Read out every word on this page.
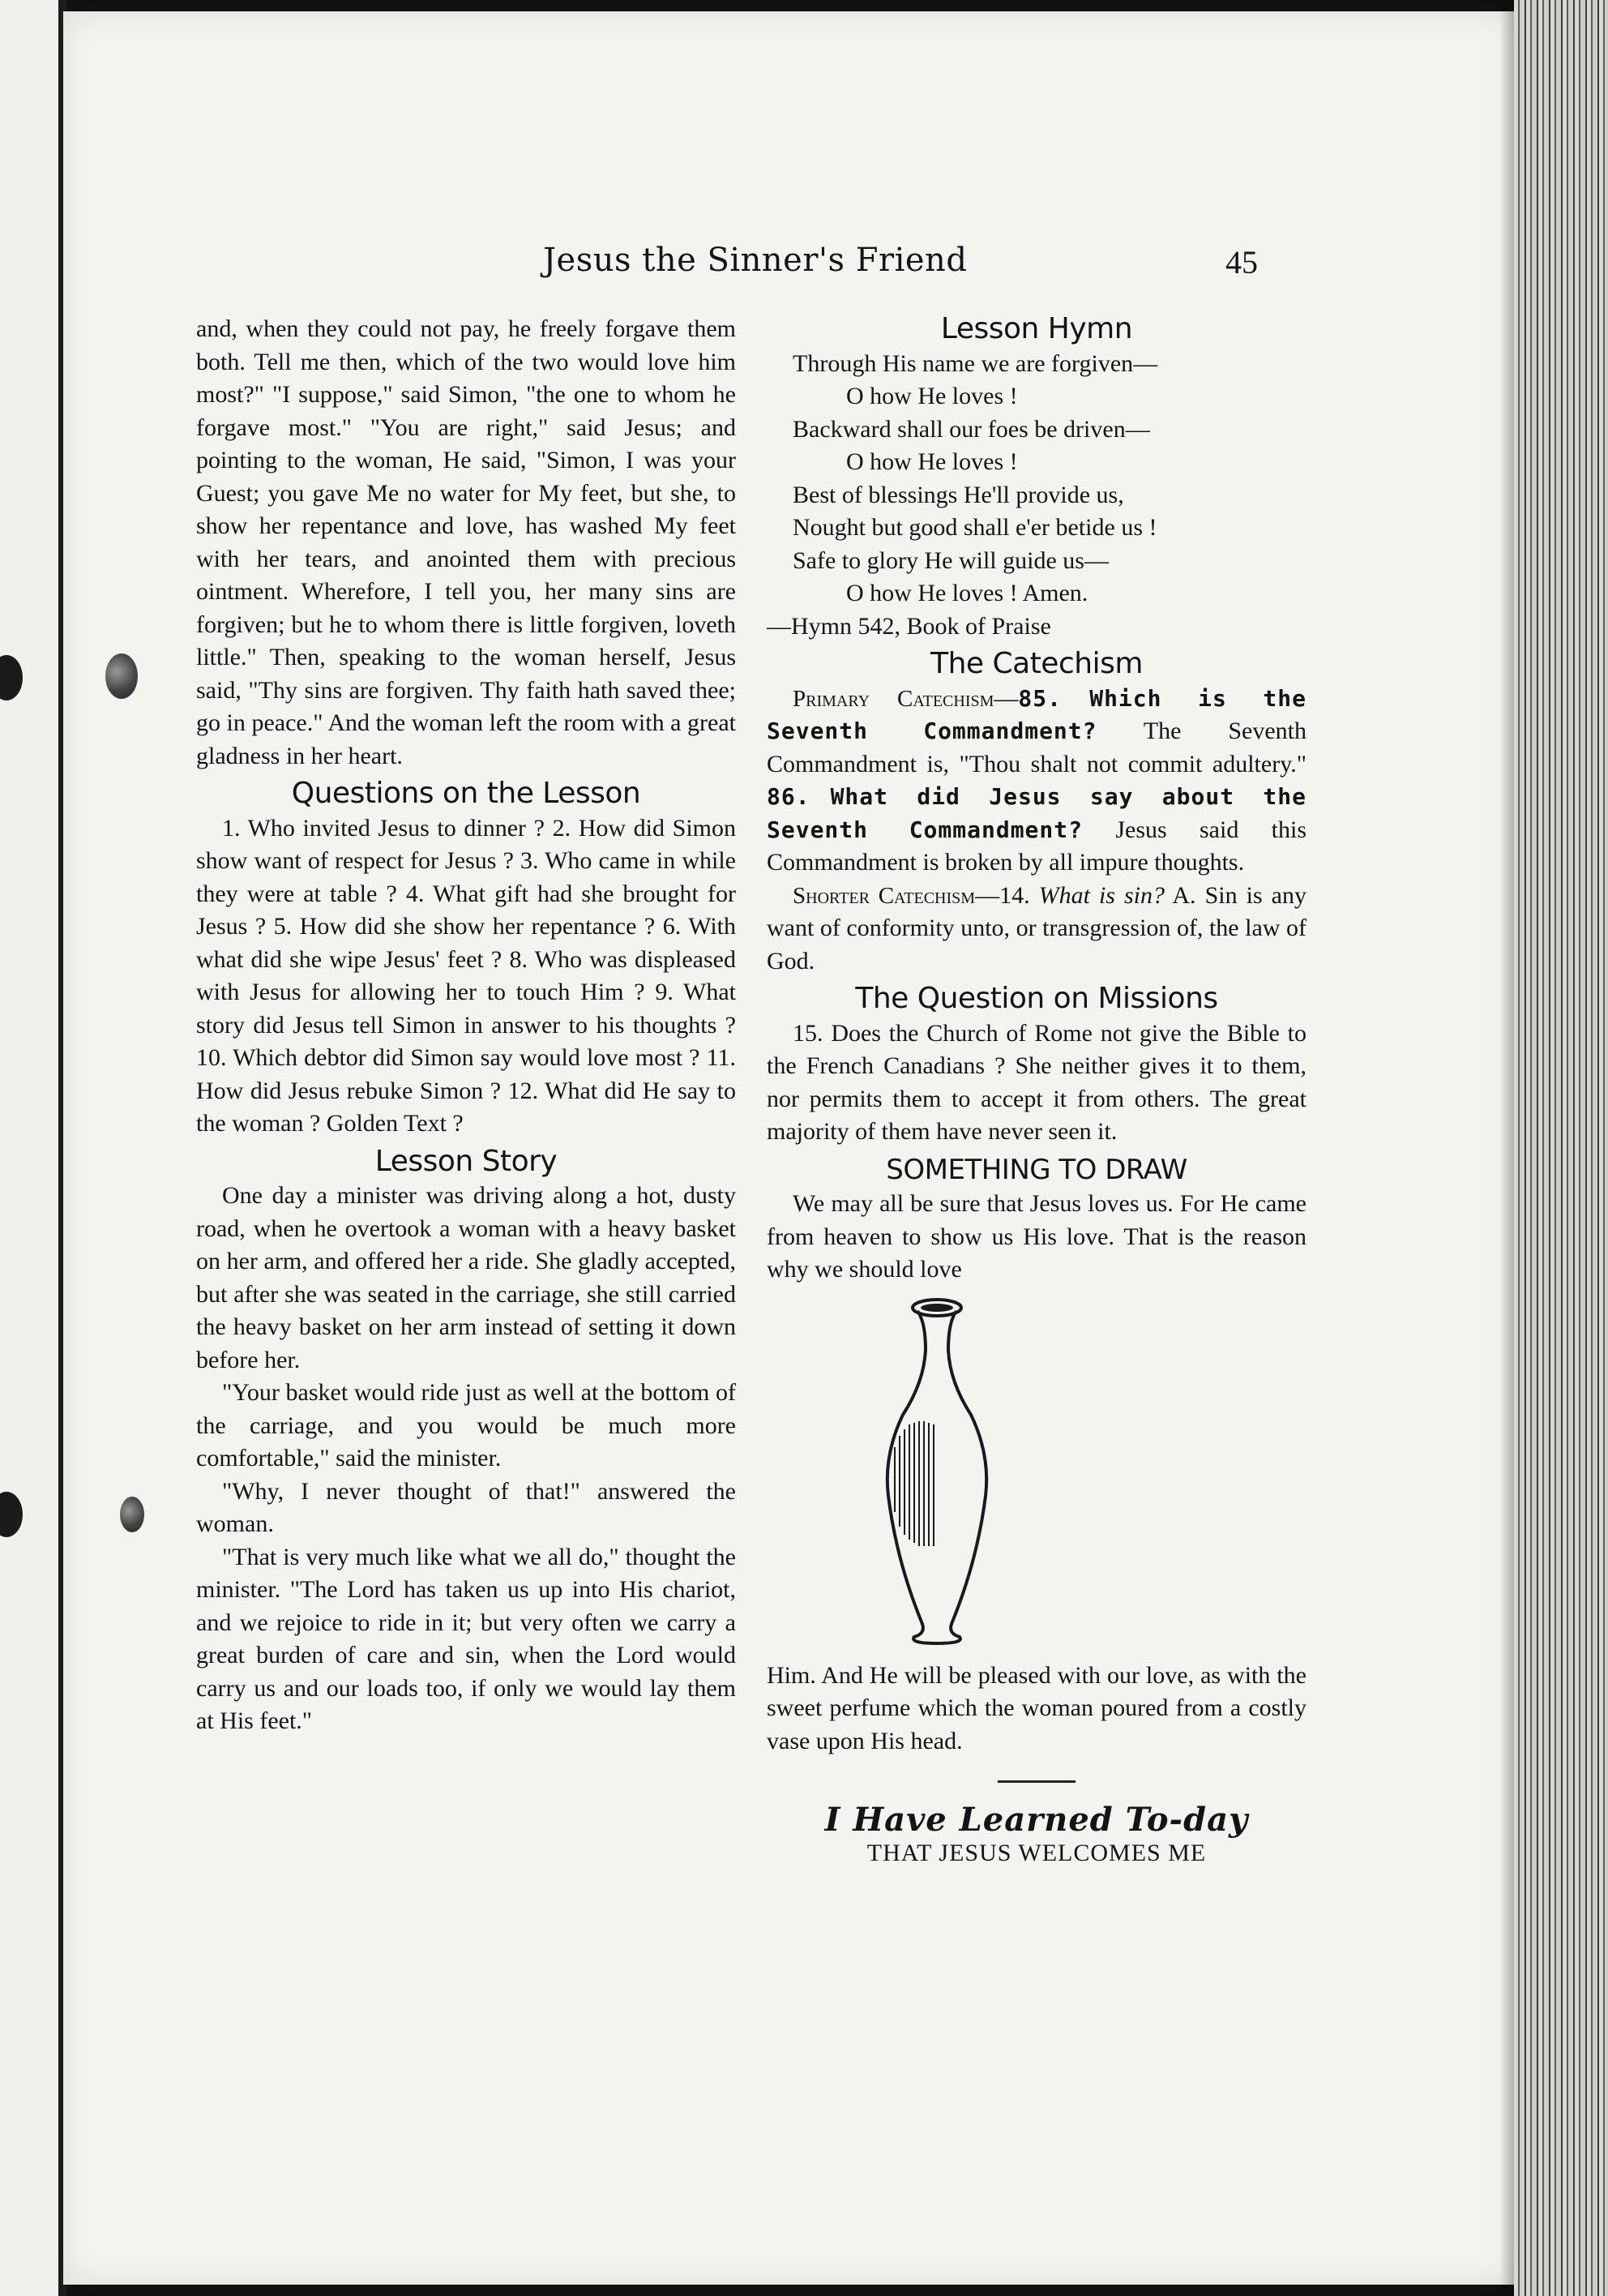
Jesus the Sinner's Friend	45

and, when they could not pay, he freely forgave them both. Tell me then, which of the two would love him most?" "I suppose," said Simon, "the one to whom he forgave most." "You are right," said Jesus; and pointing to the woman, He said, "Simon, I was your Guest; you gave Me no water for My feet, but she, to show her repentance and love, has washed My feet with her tears, and anointed them with precious ointment. Wherefore, I tell you, her many sins are forgiven; but he to whom there is little forgiven, loveth little." Then, speaking to the woman herself, Jesus said, "Thy sins are forgiven. Thy faith hath saved thee; go in peace." And the woman left the room with a great gladness in her heart.

Questions on the Lesson

1. Who invited Jesus to dinner ? 2. How did Simon show want of respect for Jesus ? 3. Who came in while they were at table ? 4. What gift had she brought for Jesus ? 5. How did she show her repentance ? 6. With what did she wipe Jesus' feet ? 8. Who was displeased with Jesus for allowing her to touch Him ? 9. What story did Jesus tell Simon in answer to his thoughts ? 10. Which debtor did Simon say would love most ? 11. How did Jesus rebuke Simon ? 12. What did He say to the woman ? Golden Text ?

Lesson Story

One day a minister was driving along a hot, dusty road, when he overtook a woman with a heavy basket on her arm, and offered her a ride. She gladly accepted, but after she was seated in the carriage, she still carried the heavy basket on her arm instead of setting it down before her.

"Your basket would ride just as well at the bottom of the carriage, and you would be much more comfortable," said the minister.

"Why, I never thought of that!" answered the woman.

"That is very much like what we all do," thought the minister. "The Lord has taken us up into His chariot, and we rejoice to ride in it; but very often we carry a great burden of care and sin, when the Lord would carry us and our loads too, if only we would lay them at His feet."

Lesson Hymn

Through His name we are forgiven—

O how He loves !

Backward shall our foes be driven—

O how He loves !

Best of blessings He'll provide us,

Nought but good shall e'er betide us !

Safe to glory He will guide us—

O how He loves ! Amen.

—Hymn 542, Book of Praise

The Catechism

Primary Catechism—85. Which is the Seventh Commandment? The Seventh Commandment is, "Thou shalt not commit adultery." 86. What did Jesus say about the Seventh Commandment? Jesus said this Commandment is broken by all impure thoughts.

Shorter Catechism—14. What is sin? A. Sin is any want of conformity unto, or transgression of, the law of God.

The Question on Missions

15. Does the Church of Rome not give the Bible to the French Canadians ? She neither gives it to them, nor permits them to accept it from others. The great majority of them have never seen it.

SOMETHING TO DRAW

We may all be sure that Jesus loves us. For He came from heaven to show us His love. That is the reason why we should love

Him. And He will be pleased with our love, as with the sweet perfume which the woman poured from a costly vase upon His head.

I Have Learned To-day
THAT JESUS WELCOMES ME
